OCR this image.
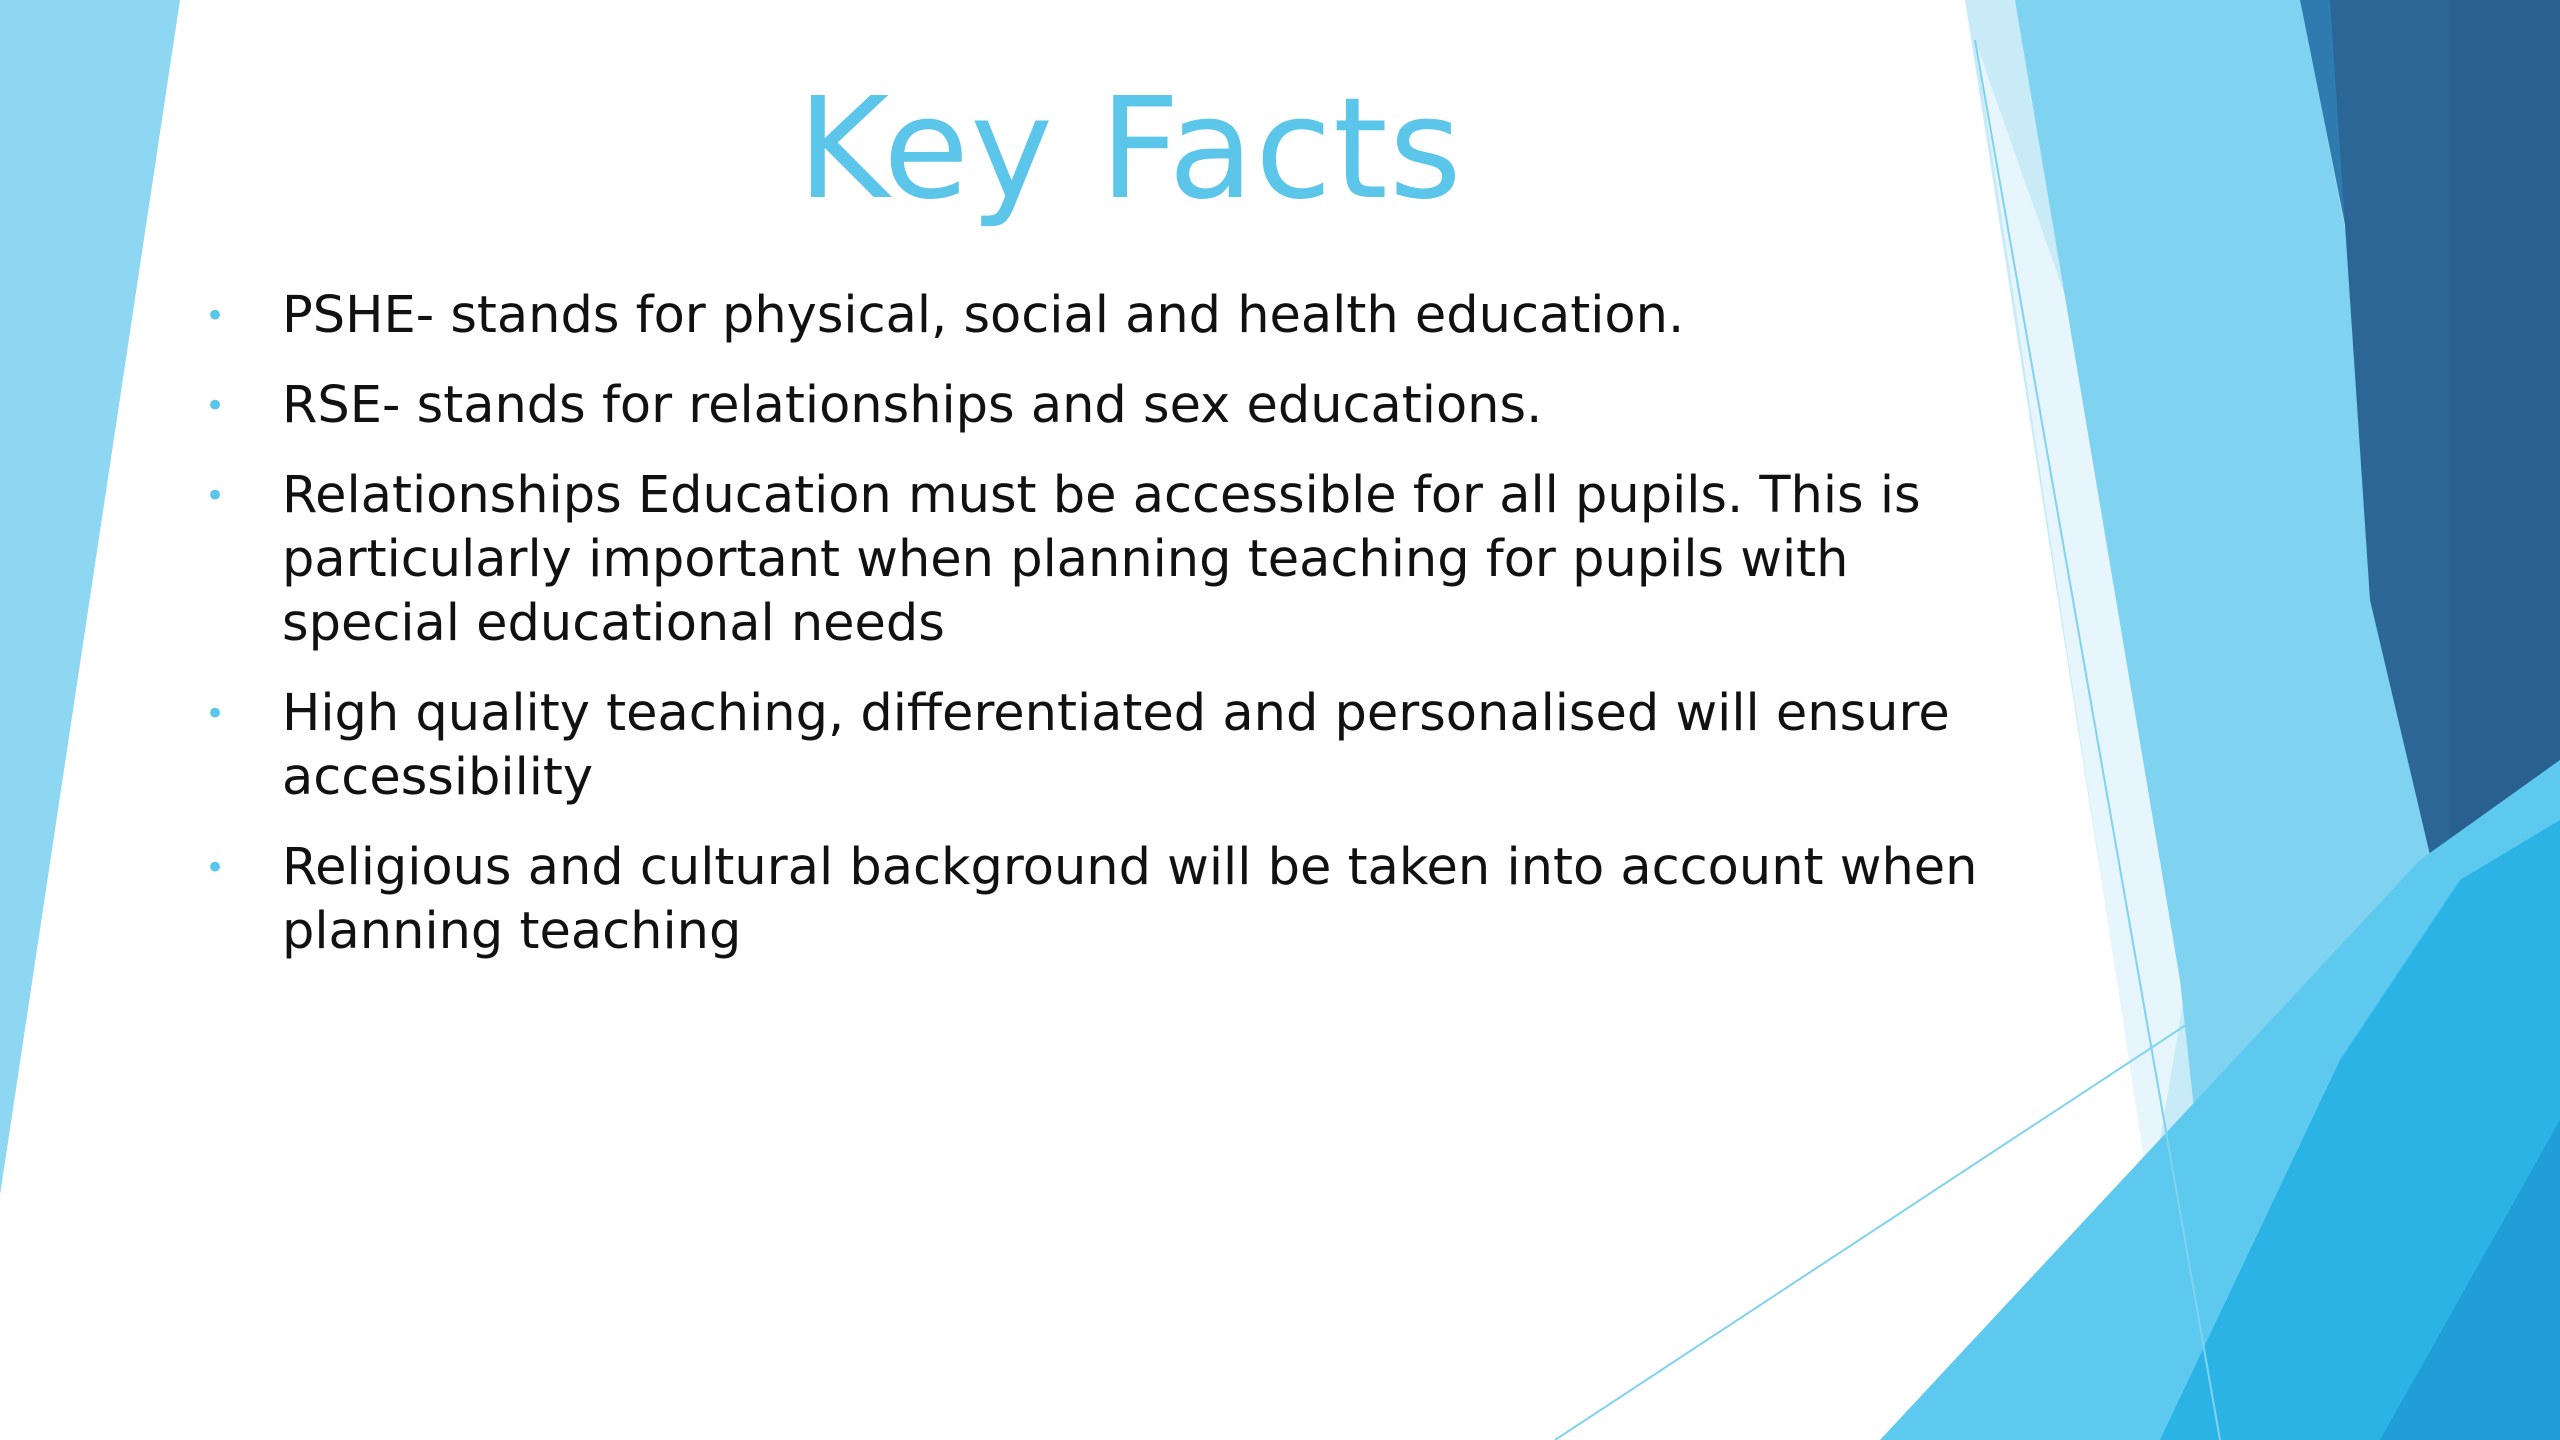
Key Facts
• PSHE- stands for physical, social and health education.
• RSE- stands for relationships and sex educations.
• Relationships Education must be accessible for all pupils. This is particularly important when planning teaching for pupils with special educational needs
• High quality teaching, differentiated and personalised will ensure accessibility
• Religious and cultural background will be taken into account when planning teaching
